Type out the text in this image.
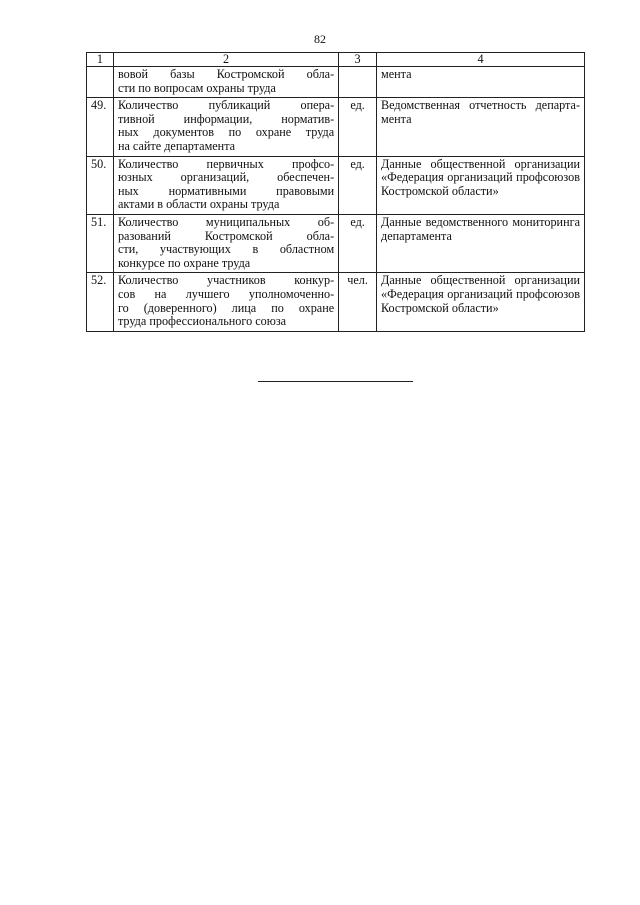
82
1	2	3	4

	вовой базы Костромской обла-
сти по вопросам охраны труда		мента

49.	Количество публикаций опера-
тивной информации, норматив-
ных документов по охране труда
на сайте департамента	ед.	Ведомственная отчетность департа-
мента

50.	Количество первичных профсо-
юзных организаций, обеспечен-
ных нормативными правовыми
актами в области охраны труда	ед.	Данные общественной организации
«Федерация организаций профсоюзов
Костромской области»

51.	Количество муниципальных об-
разований Костромской обла-
сти, участвующих в областном
конкурсе по охране труда	ед.	Данные ведомственного мониторинга
департамента

52.	Количество участников конкур-
сов на лучшего уполномоченно-
го (доверенного) лица по охране
труда профессионального союза	чел.	Данные общественной организации
«Федерация организаций профсоюзов
Костромской области»
